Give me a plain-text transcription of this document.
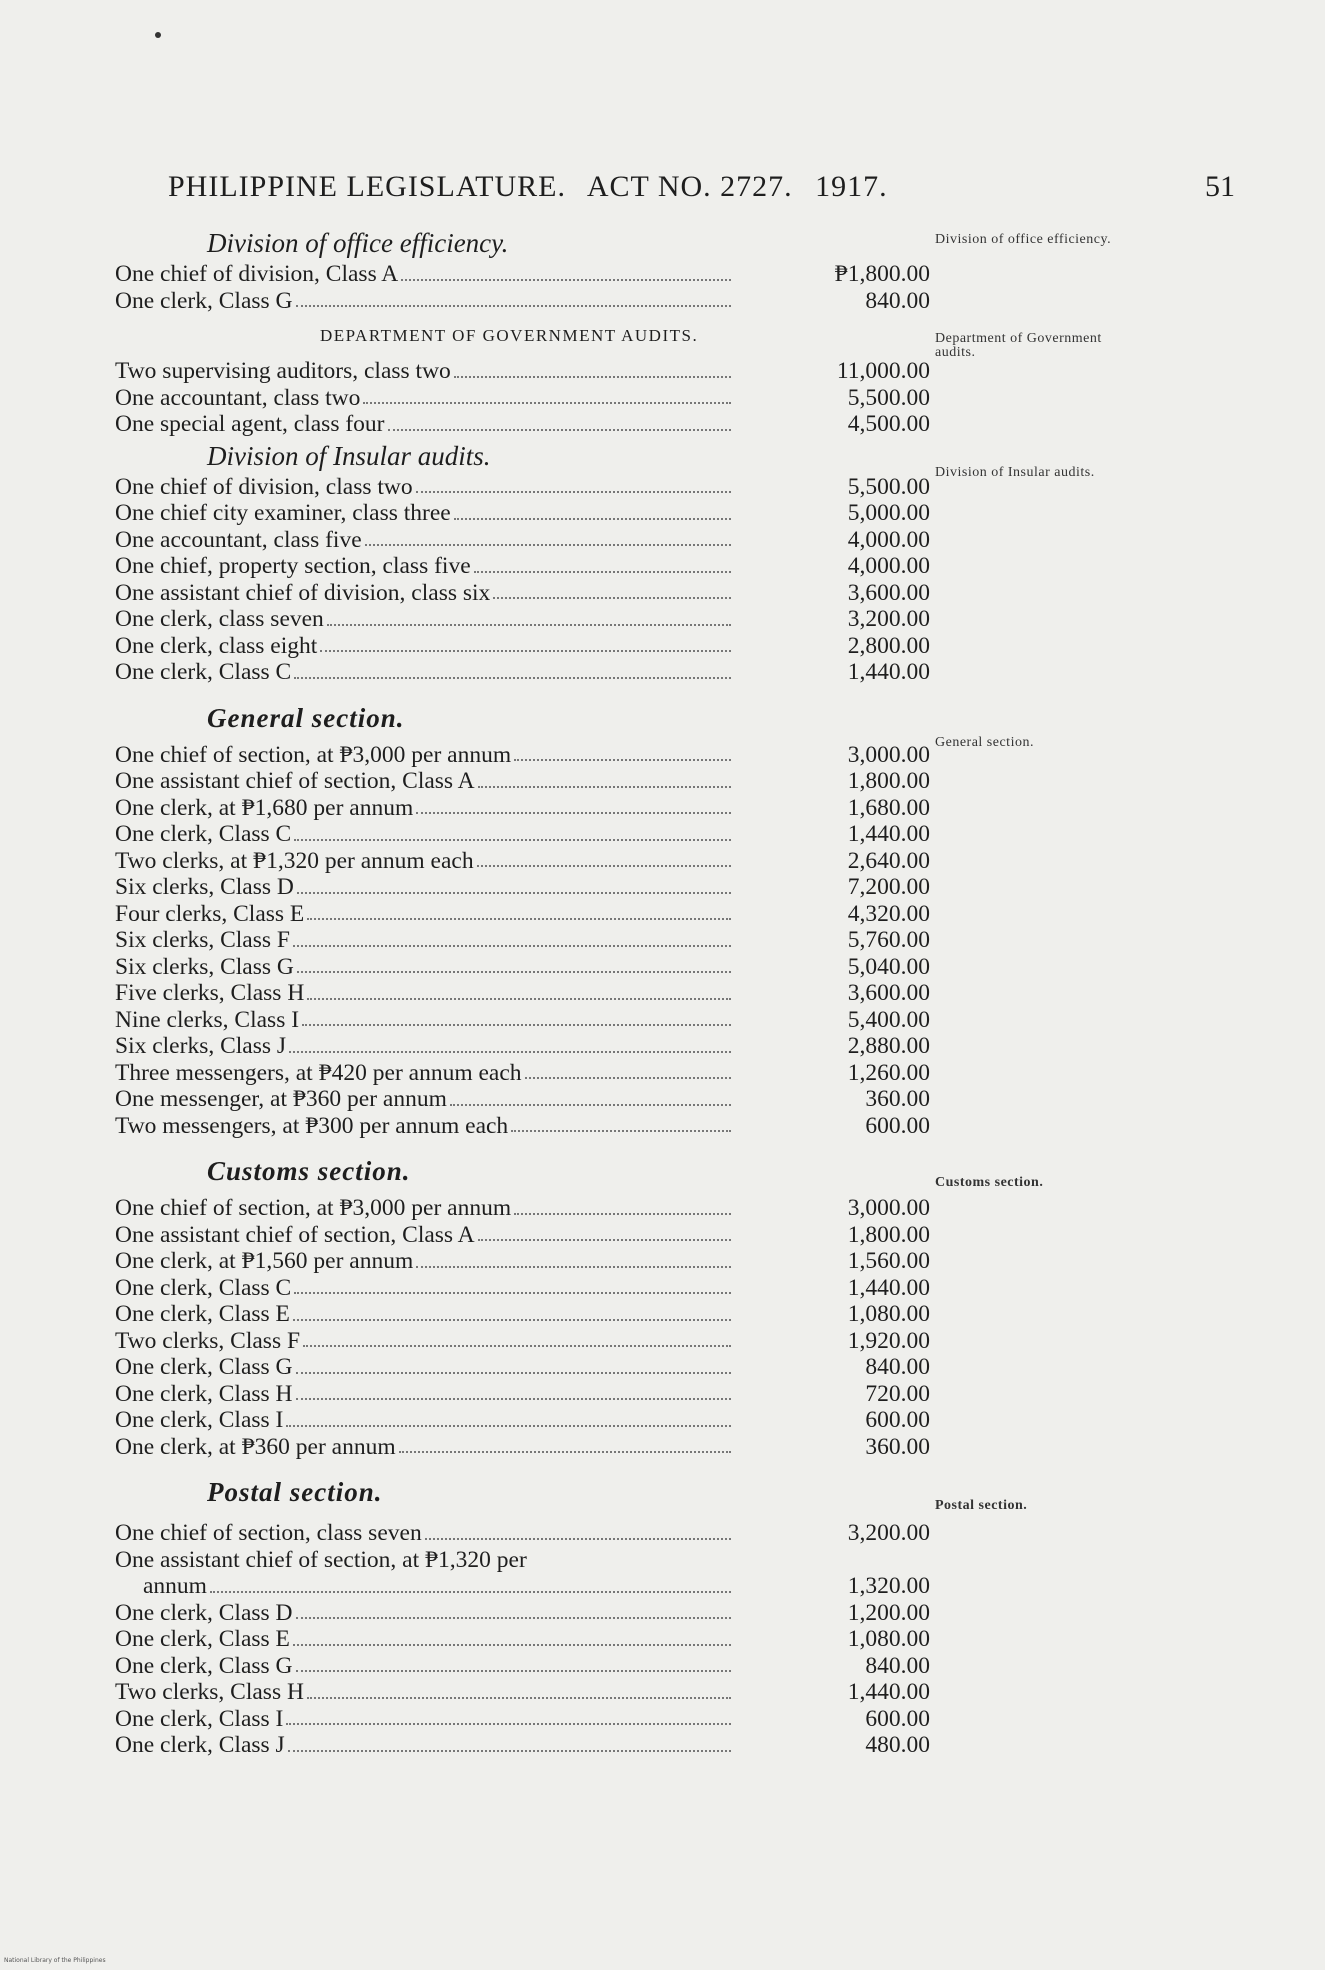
PHILIPPINE LEGISLATURE. ACT NO. 2727. 1917.	51
Division of office efficiency.
One chief of division, Class A	₱1,800.00
One clerk, Class G	840.00
DEPARTMENT OF GOVERNMENT AUDITS.
Two supervising auditors, class two	11,000.00
One accountant, class two	5,500.00
One special agent, class four	4,500.00
Division of Insular audits.
One chief of division, class two	5,500.00
One chief city examiner, class three	5,000.00
One accountant, class five	4,000.00
One chief, property section, class five	4,000.00
One assistant chief of division, class six	3,600.00
One clerk, class seven	3,200.00
One clerk, class eight	2,800.00
One clerk, Class C	1,440.00
General section.
One chief of section, at ₱3,000 per annum	3,000.00
One assistant chief of section, Class A	1,800.00
One clerk, at ₱1,680 per annum	1,680.00
One clerk, Class C	1,440.00
Two clerks, at ₱1,320 per annum each	2,640.00
Six clerks, Class D	7,200.00
Four clerks, Class E	4,320.00
Six clerks, Class F	5,760.00
Six clerks, Class G	5,040.00
Five clerks, Class H	3,600.00
Nine clerks, Class I	5,400.00
Six clerks, Class J	2,880.00
Three messengers, at ₱420 per annum each	1,260.00
One messenger, at ₱360 per annum	360.00
Two messengers, at ₱300 per annum each	600.00
Customs section.
One chief of section, at ₱3,000 per annum	3,000.00
One assistant chief of section, Class A	1,800.00
One clerk, at ₱1,560 per annum	1,560.00
One clerk, Class C	1,440.00
One clerk, Class E	1,080.00
Two clerks, Class F	1,920.00
One clerk, Class G	840.00
One clerk, Class H	720.00
One clerk, Class I	600.00
One clerk, at ₱360 per annum	360.00
Postal section.
One chief of section, class seven	3,200.00
One assistant chief of section, at ₱1,320 per
annum	1,320.00
One clerk, Class D	1,200.00
One clerk, Class E	1,080.00
One clerk, Class G	840.00
Two clerks, Class H	1,440.00
One clerk, Class I	600.00
One clerk, Class J	480.00
Division of office efficiency.
Department of Government audits.
Division of Insular audits.
General section.
Customs section.
Postal section.
National Library of the Philippines
